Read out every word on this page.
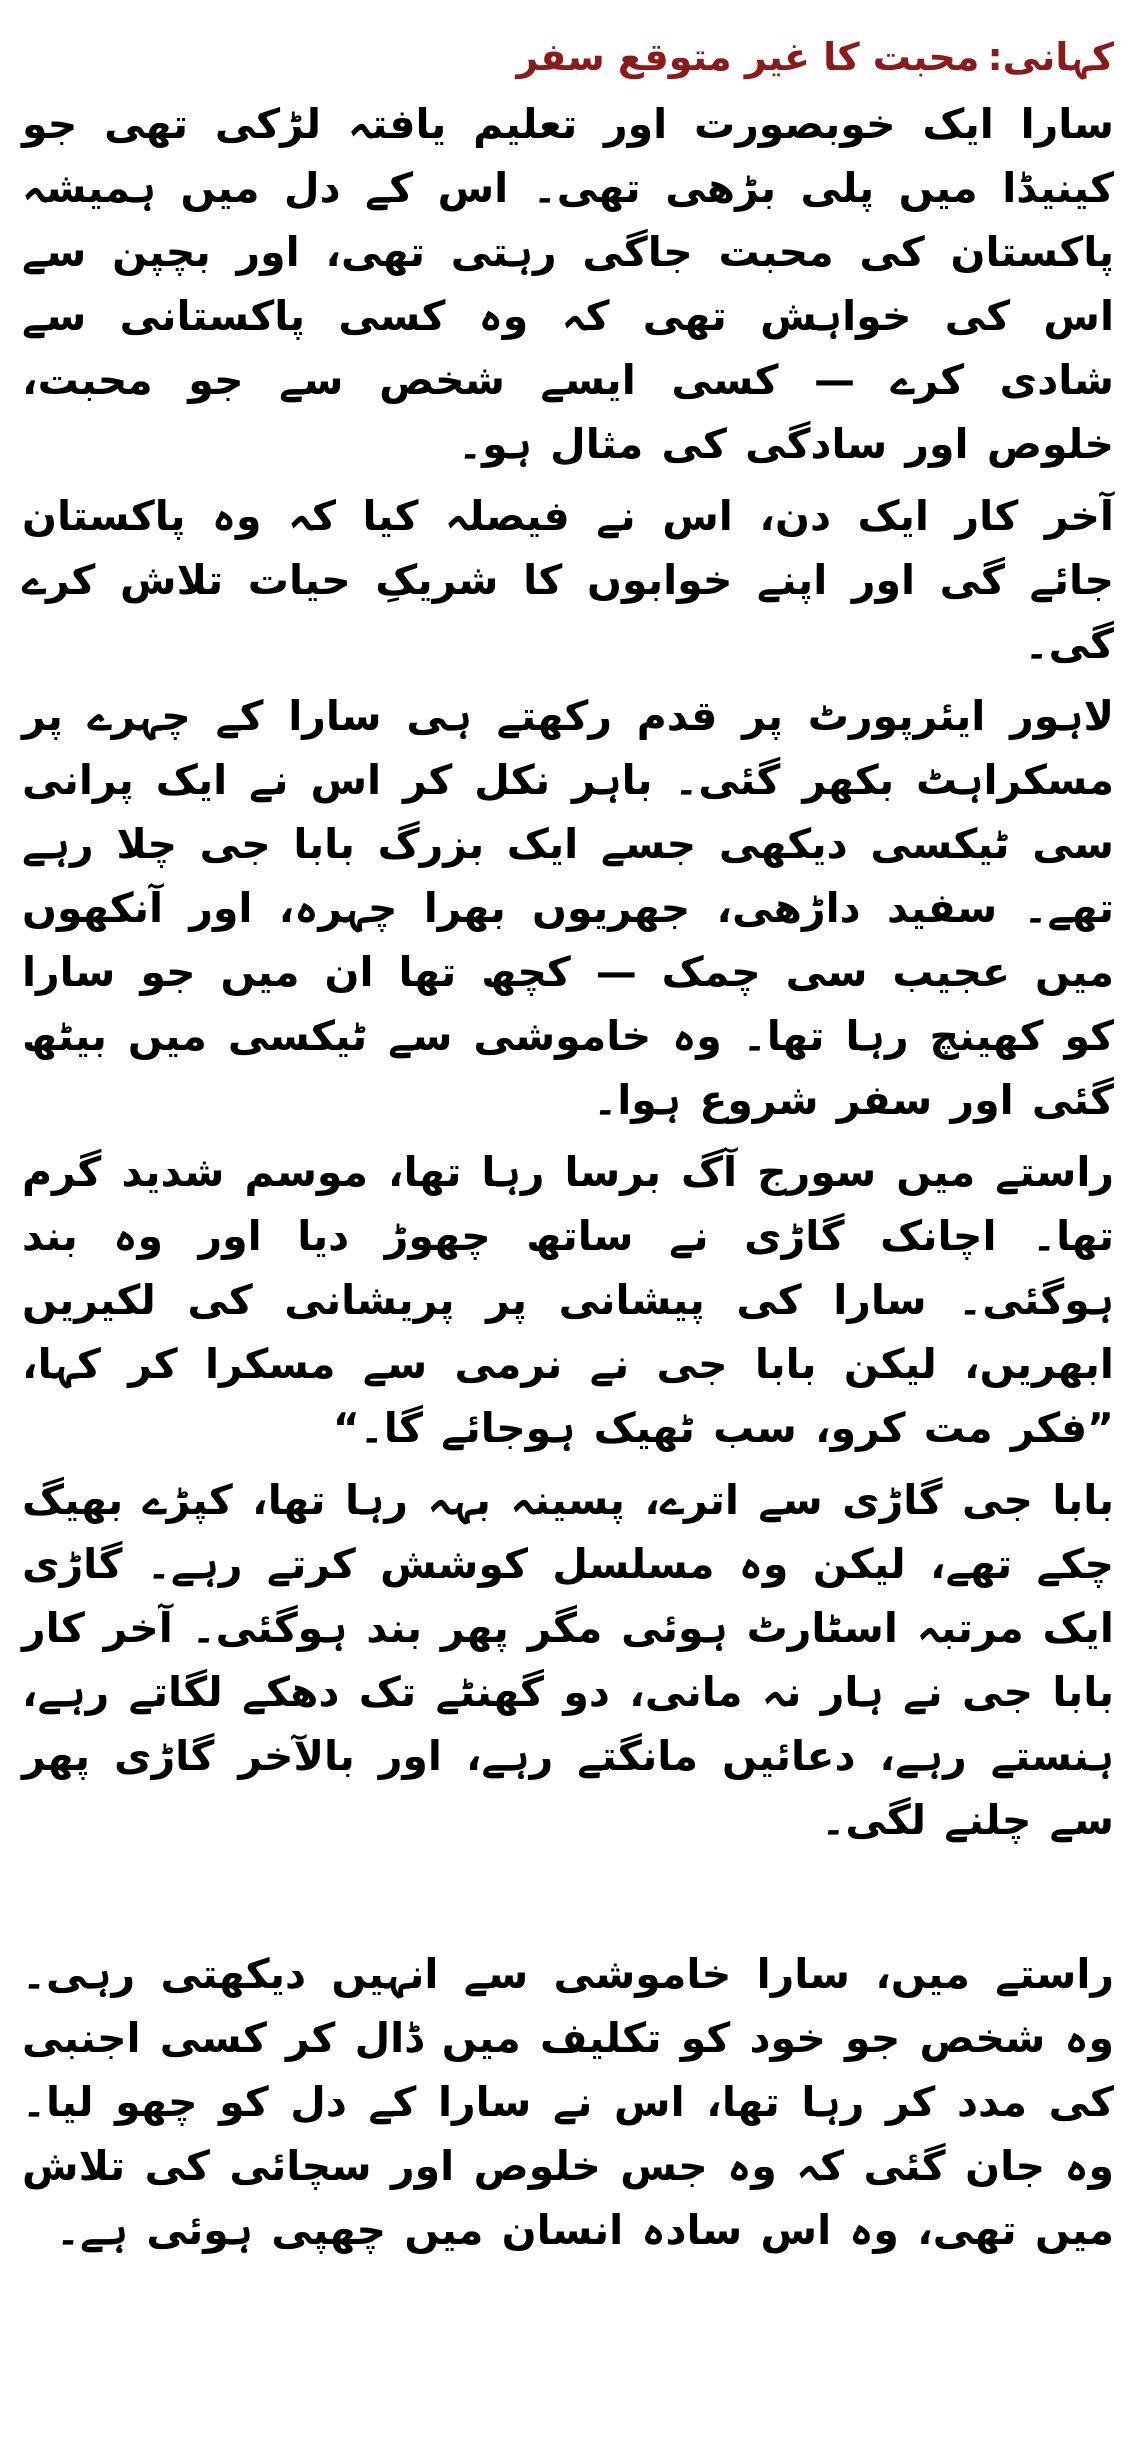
کہانی:محبت کا غیر متوقع سفر

سارا ایک خوبصورت اور تعلیم یافتہ لڑکی تھی جو کینیڈا میں پلی بڑھی تھی۔ اس کے دل میں ہمیشہ پاکستان کی محبت جاگی رہتی تھی، اور بچپن سے اس کی خواہش تھی کہ وہ کسی پاکستانی سے شادی کرے — کسی ایسے شخص سے جو محبت، خلوص اور سادگی کی مثال ہو۔

آخر کار ایک دن، اس نے فیصلہ کیا کہ وہ پاکستان جائے گی اور اپنے خوابوں کا شریکِ حیات تلاش کرے گی۔

لاہور ایئرپورٹ پر قدم رکھتے ہی سارا کے چہرے پر مسکراہٹ بکھر گئی۔ باہر نکل کر اس نے ایک پرانی سی ٹیکسی دیکھی جسے ایک بزرگ بابا جی چلا رہے تھے۔ سفید داڑھی، جھریوں بھرا چہرہ، اور آنکھوں میں عجیب سی چمک — کچھ تھا ان میں جو سارا کو کھینچ رہا تھا۔ وہ خاموشی سے ٹیکسی میں بیٹھ گئی اور سفر شروع ہوا۔

راستے میں سورج آگ برسا رہا تھا، موسم شدید گرم تھا۔ اچانک گاڑی نے ساتھ چھوڑ دیا اور وہ بند ہوگئی۔ سارا کی پیشانی پر پریشانی کی لکیریں ابھریں، لیکن بابا جی نے نرمی سے مسکرا کر کہا، ”فکر مت کرو، سب ٹھیک ہوجائے گا۔“

بابا جی گاڑی سے اترے، پسینہ بہہ رہا تھا، کپڑے بھیگ چکے تھے، لیکن وہ مسلسل کوشش کرتے رہے۔ گاڑی ایک مرتبہ اسٹارٹ ہوئی مگر پھر بند ہوگئی۔ آخر کار بابا جی نے ہار نہ مانی، دو گھنٹے تک دھکے لگاتے رہے، ہنستے رہے، دعائیں مانگتے رہے، اور بالآخر گاڑی پھر سے چلنے لگی۔

راستے میں، سارا خاموشی سے انہیں دیکھتی رہی۔ وہ شخص جو خود کو تکلیف میں ڈال کر کسی اجنبی کی مدد کر رہا تھا، اس نے سارا کے دل کو چھو لیا۔ وہ جان گئی کہ وہ جس خلوص اور سچائی کی تلاش میں تھی، وہ اس سادہ انسان میں چھپی ہوئی ہے۔
